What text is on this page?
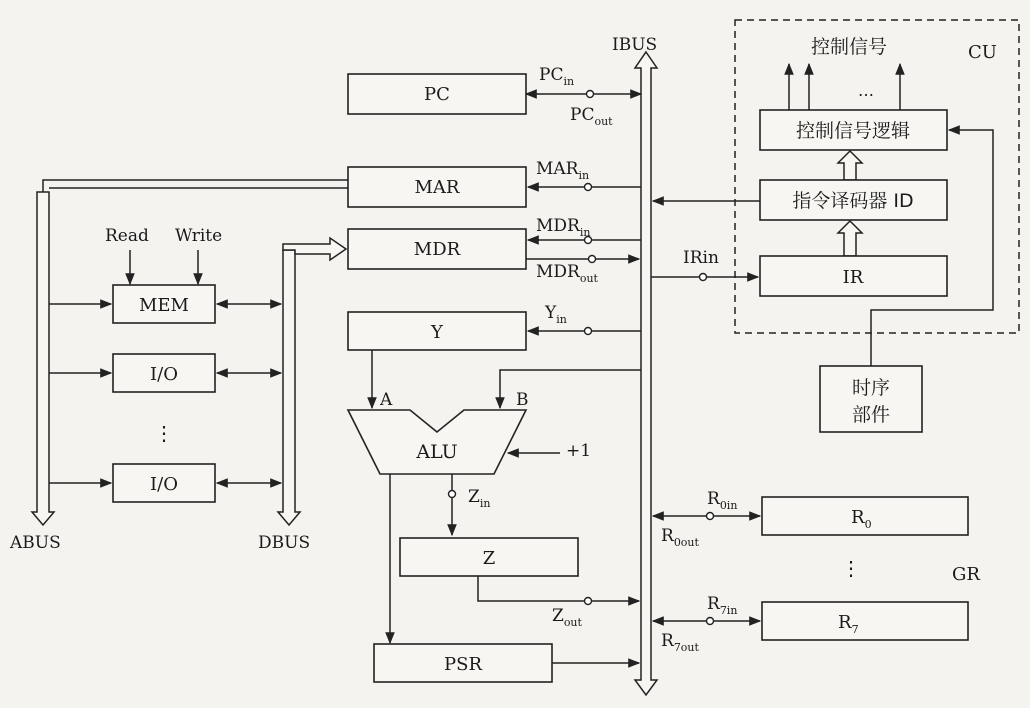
IBUS
ABUS	DBUS
PC
$PC_{in}$
$PC_{out}$
MAR
$MAR_{in}$
MDR
$MDR_{in}$
$MDR_{out}$
Read Write
MEM
I/O
⋮
I/O
Y
$Y_{in}$
A	B
ALU	+1
$Z_{in}$
Z
$Z_{out}$
PSR
CU
控制信号
…
控制信号逻辑
指令译码器 ID
IR
IRin
时序
部件
$R_0$
$R_{0in}$
$R_{0out}$
⋮	GR
$R_7$
$R_{7in}$
$R_{7out}$
